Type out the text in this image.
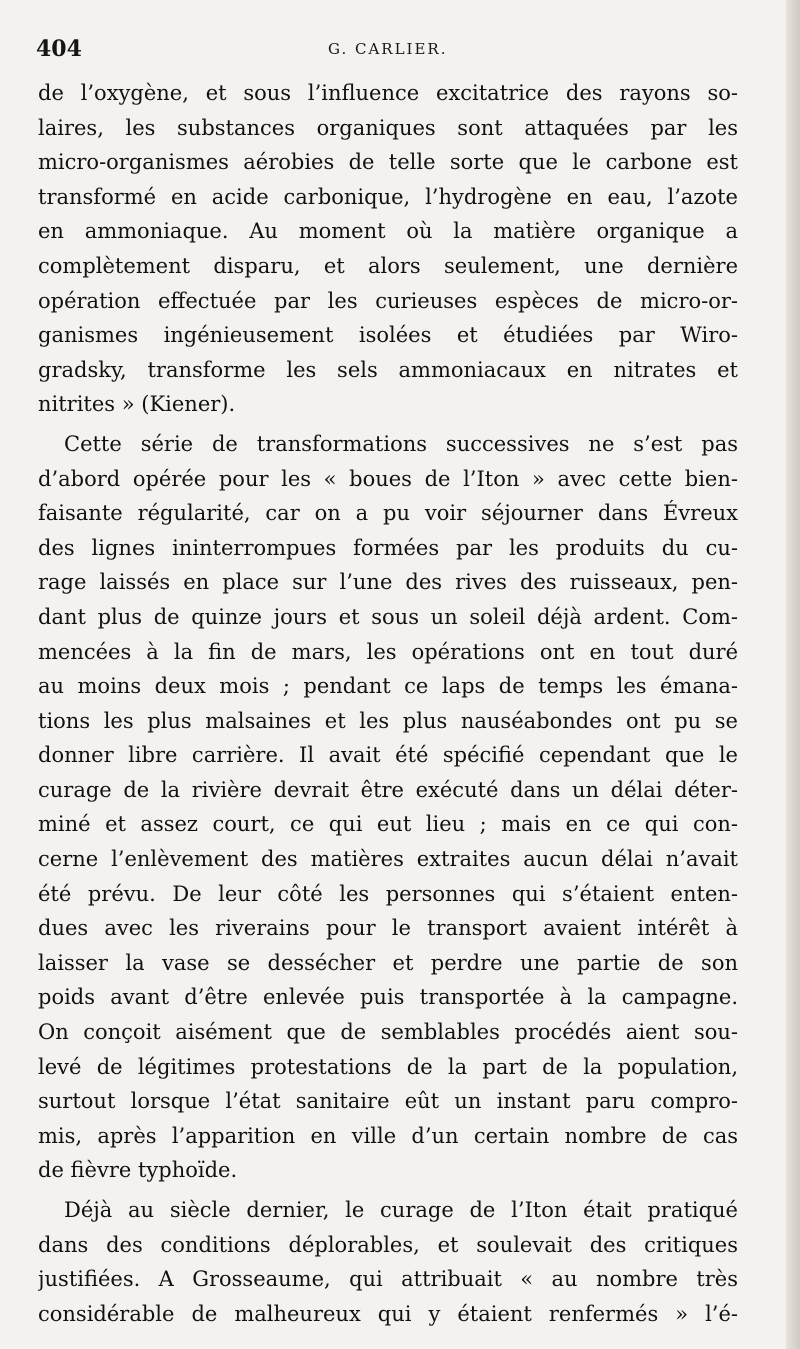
404	G. CARLIER.
de l’oxygène, et sous l’influence excitatrice des rayons so-
laires, les substances organiques sont attaquées par les
micro-organismes aérobies de telle sorte que le carbone est
transformé en acide carbonique, l’hydrogène en eau, l’azote
en ammoniaque. Au moment où la matière organique a
complètement disparu, et alors seulement, une dernière
opération effectuée par les curieuses espèces de micro-or-
ganismes ingénieusement isolées et étudiées par Wiro-
gradsky, transforme les sels ammoniacaux en nitrates et
nitrites » (Kiener).
Cette série de transformations successives ne s’est pas
d’abord opérée pour les « boues de l’Iton » avec cette bien-
faisante régularité, car on a pu voir séjourner dans Évreux
des lignes ininterrompues formées par les produits du cu-
rage laissés en place sur l’une des rives des ruisseaux, pen-
dant plus de quinze jours et sous un soleil déjà ardent. Com-
mencées à la fin de mars, les opérations ont en tout duré
au moins deux mois ; pendant ce laps de temps les émana-
tions les plus malsaines et les plus nauséabondes ont pu se
donner libre carrière. Il avait été spécifié cependant que le
curage de la rivière devrait être exécuté dans un délai déter-
miné et assez court, ce qui eut lieu ; mais en ce qui con-
cerne l’enlèvement des matières extraites aucun délai n’avait
été prévu. De leur côté les personnes qui s’étaient enten-
dues avec les riverains pour le transport avaient intérêt à
laisser la vase se dessécher et perdre une partie de son
poids avant d’être enlevée puis transportée à la campagne.
On conçoit aisément que de semblables procédés aient sou-
levé de légitimes protestations de la part de la population,
surtout lorsque l’état sanitaire eût un instant paru compro-
mis, après l’apparition en ville d’un certain nombre de cas
de fièvre typhoïde.
Déjà au siècle dernier, le curage de l’Iton était pratiqué
dans des conditions déplorables, et soulevait des critiques
justifiées. A Grosseaume, qui attribuait « au nombre très
considérable de malheureux qui y étaient renfermés » l’é-
